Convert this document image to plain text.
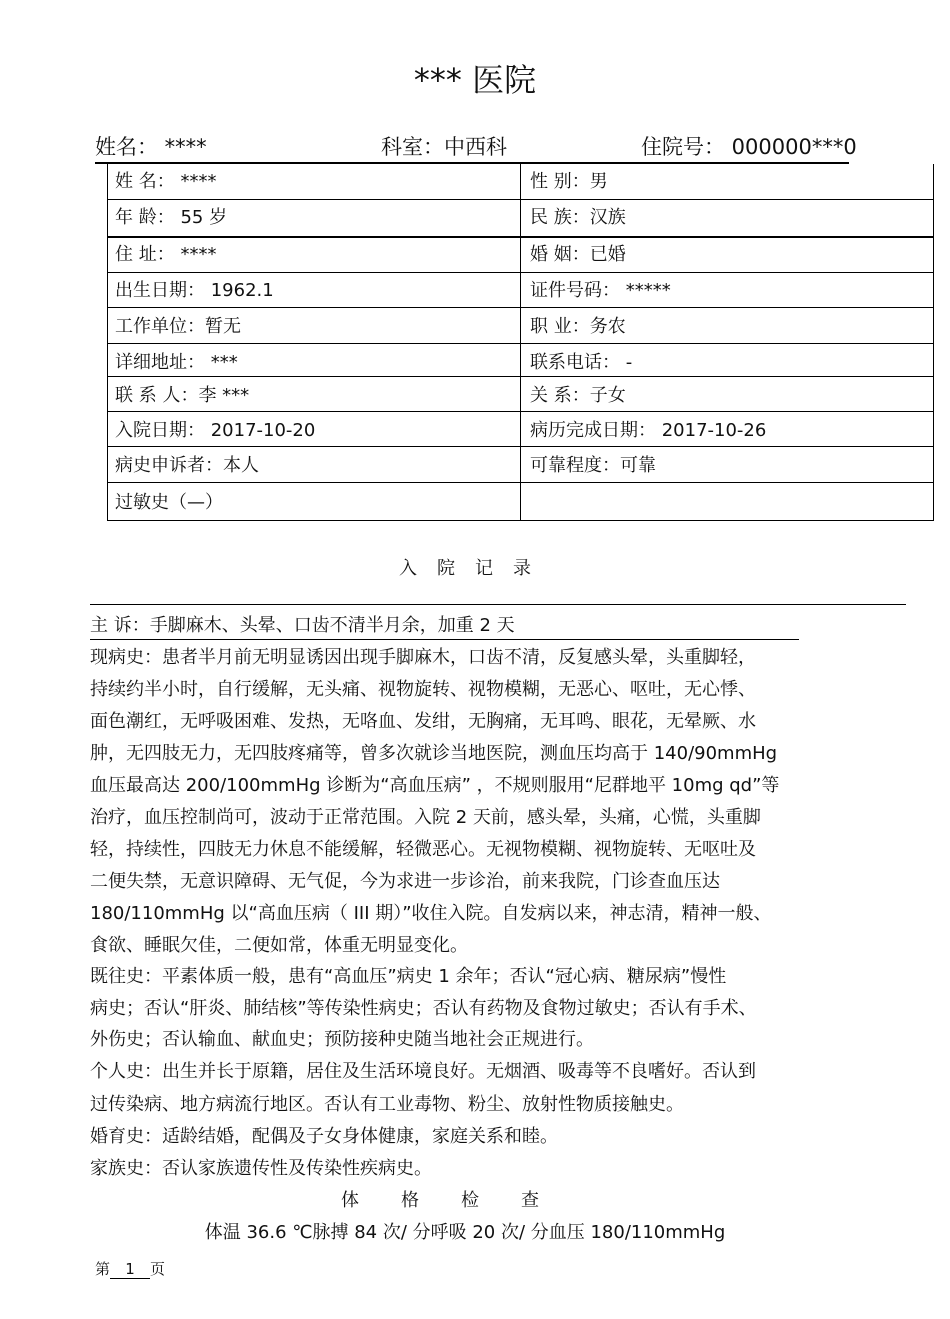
*** 医院
姓名： ****	科室：中西科	住院号： 000000***0
姓 名： ****	性 别：男
年 龄： 55 岁	民 族：汉族
住 址： ****	婚 姻：已婚
出生日期： 1962.1	证件号码： *****
工作单位：暂无	职 业：务农
详细地址： ***	联系电话： -
联 系 人：李 ***	关 系：子女
入院日期： 2017-10-20	病历完成日期： 2017-10-26
病史申诉者：本人	可靠程度：可靠
过敏史（—）
入院记录
主 诉：手脚麻木、头晕、口齿不清半月余，加重 2 天
现病史：患者半月前无明显诱因出现手脚麻木，口齿不清，反复感头晕，头重脚轻，
持续约半小时，自行缓解，无头痛、视物旋转、视物模糊，无恶心、呕吐，无心悸、
面色潮红，无呼吸困难、发热，无咯血、发绀，无胸痛，无耳鸣、眼花，无晕厥、水
肿，无四肢无力，无四肢疼痛等，曾多次就诊当地医院，测血压均高于 140/90mmHg
血压最高达 200/100mmHg 诊断为“高血压病” ，不规则服用“尼群地平 10mg qd”等
治疗，血压控制尚可，波动于正常范围。入院 2 天前，感头晕，头痛，心慌，头重脚
轻，持续性，四肢无力休息不能缓解，轻微恶心。无视物模糊、视物旋转、无呕吐及
二便失禁，无意识障碍、无气促，今为求进一步诊治，前来我院，门诊查血压达
180/110mmHg 以“高血压病（ III 期）”收住入院。自发病以来，神志清，精神一般、
食欲、睡眠欠佳，二便如常，体重无明显变化。
既往史：平素体质一般，患有“高血压”病史 1 余年；否认“冠心病、糖尿病”慢性
病史；否认“肝炎、肺结核”等传染性病史；否认有药物及食物过敏史；否认有手术、
外伤史；否认输血、献血史；预防接种史随当地社会正规进行。
个人史：出生并长于原籍，居住及生活环境良好。无烟酒、吸毒等不良嗜好。否认到
过传染病、地方病流行地区。否认有工业毒物、粉尘、放射性物质接触史。
婚育史：适龄结婚，配偶及子女身体健康，家庭关系和睦。
家族史：否认家族遗传性及传染性疾病史。
体格检查
体温 36.6 ℃脉搏 84 次/ 分呼吸 20 次/ 分血压 180/110mmHg
第 1 页
